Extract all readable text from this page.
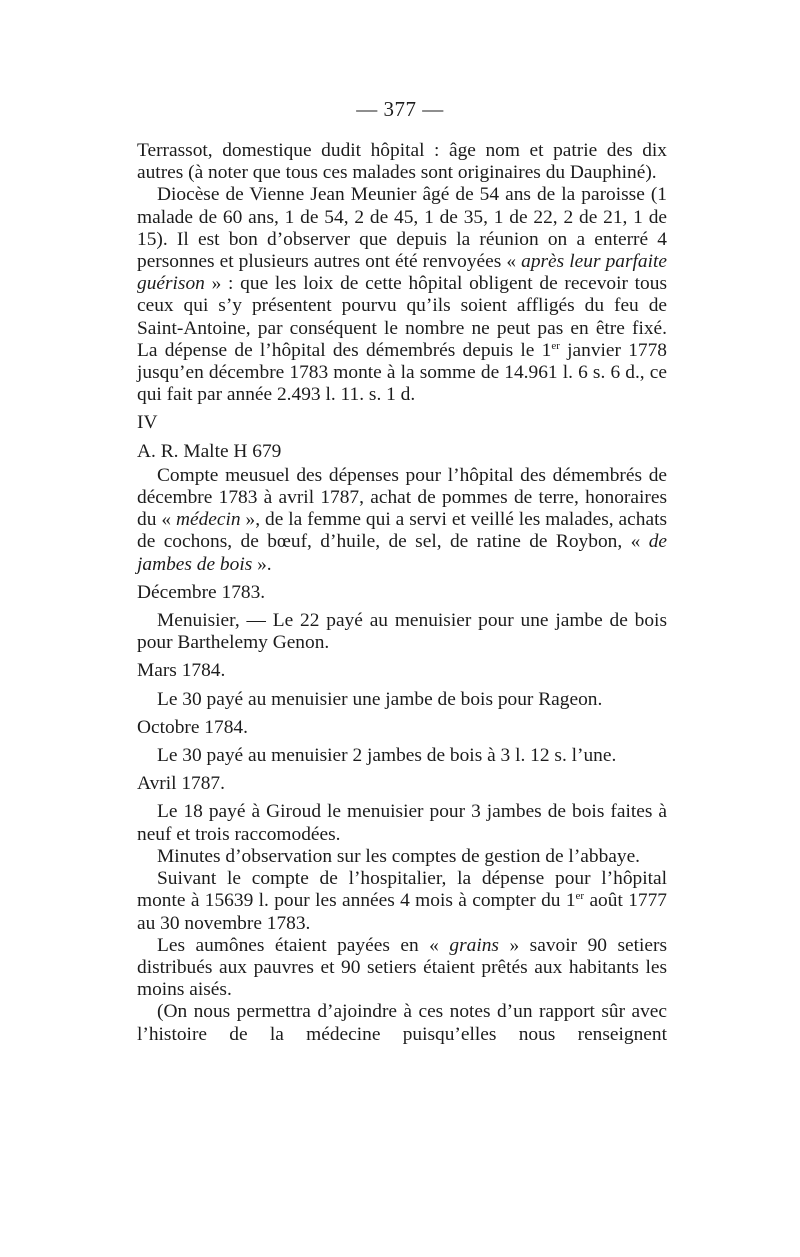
— 377 —

Terrassot, domestique dudit hôpital : âge nom et patrie des dix autres (à noter que tous ces malades sont originaires du Dauphiné).

Diocèse de Vienne Jean Meunier âgé de 54 ans de la paroisse (1 malade de 60 ans, 1 de 54, 2 de 45, 1 de 35, 1 de 22, 2 de 21, 1 de 15). Il est bon d’observer que depuis la réunion on a enterré 4 personnes et plusieurs autres ont été renvoyées « après leur parfaite guérison » : que les loix de cette hôpital obligent de recevoir tous ceux qui s’y présentent pourvu qu’ils soient affligés du feu de Saint-Antoine, par conséquent le nombre ne peut pas en être fixé. La dépense de l’hôpital des démembrés depuis le 1er janvier 1778 jusqu’en décembre 1783 monte à la somme de 14.961 l. 6 s. 6 d., ce qui fait par année 2.493 l. 11. s. 1 d.

IV

A. R. Malte H 679

Compte meusuel des dépenses pour l’hôpital des démembrés de décembre 1783 à avril 1787, achat de pommes de terre, honoraires du « médecin », de la femme qui a servi et veillé les malades, achats de cochons, de bœuf, d’huile, de sel, de ratine de Roybon, « de jambes de bois ».

Décembre 1783.

Menuisier, — Le 22 payé au menuisier pour une jambe de bois pour Barthelemy Genon.

Mars 1784.

Le 30 payé au menuisier une jambe de bois pour Rageon.

Octobre 1784.

Le 30 payé au menuisier 2 jambes de bois à 3 l. 12 s. l’une.

Avril 1787.

Le 18 payé à Giroud le menuisier pour 3 jambes de bois faites à neuf et trois raccomodées.

Minutes d’observation sur les comptes de gestion de l’abbaye.

Suivant le compte de l’hospitalier, la dépense pour l’hôpital monte à 15639 l. pour les années 4 mois à compter du 1er août 1777 au 30 novembre 1783.

Les aumônes étaient payées en « grains » savoir 90 setiers distribués aux pauvres et 90 setiers étaient prêtés aux habitants les moins aisés.

(On nous permettra d’ajoindre à ces notes d’un rapport sûr avec l’histoire de la médecine puisqu’elles nous renseignent
